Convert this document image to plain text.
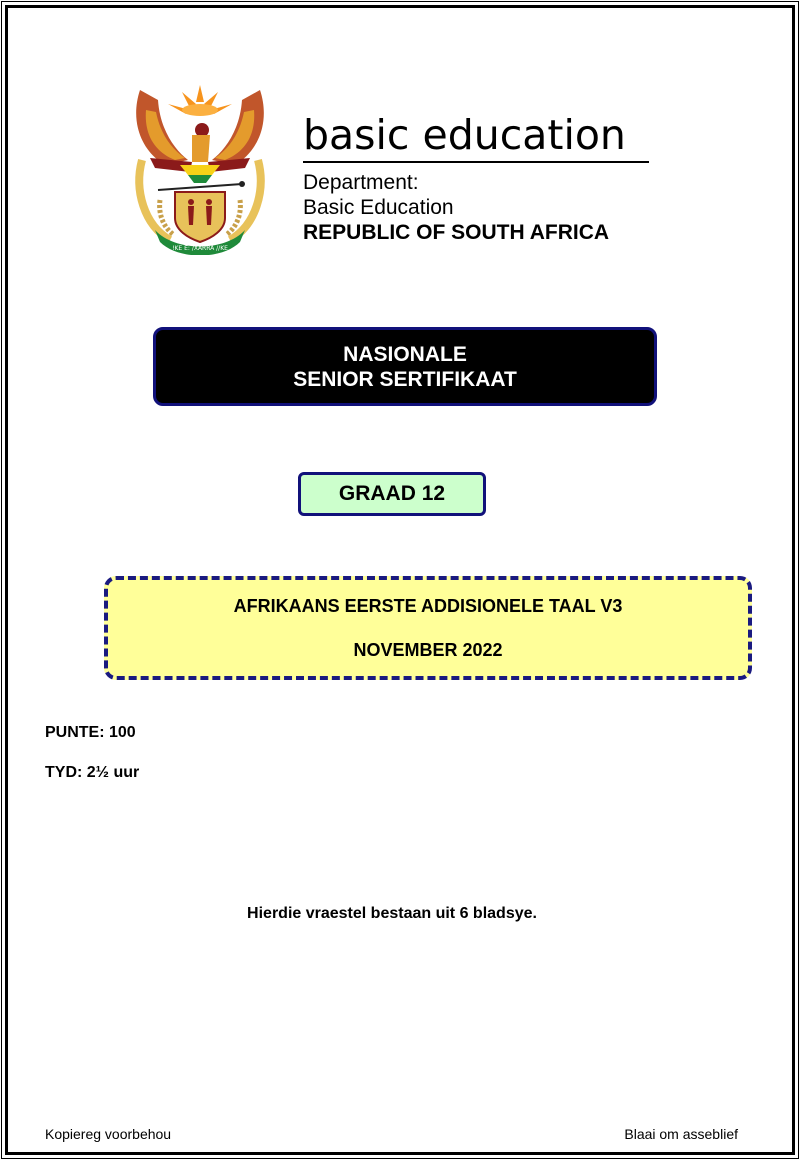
!KE E: /XARRA //KE
basic education
Department:
Basic Education
REPUBLIC OF SOUTH AFRICA
NASIONALE
SENIOR SERTIFIKAAT
GRAAD 12
AFRIKAANS EERSTE ADDISIONELE TAAL V3
NOVEMBER 2022
PUNTE: 100
TYD: 2½ uur
Hierdie vraestel bestaan uit 6 bladsye.
Kopiereg voorbehou	Blaai om asseblief
